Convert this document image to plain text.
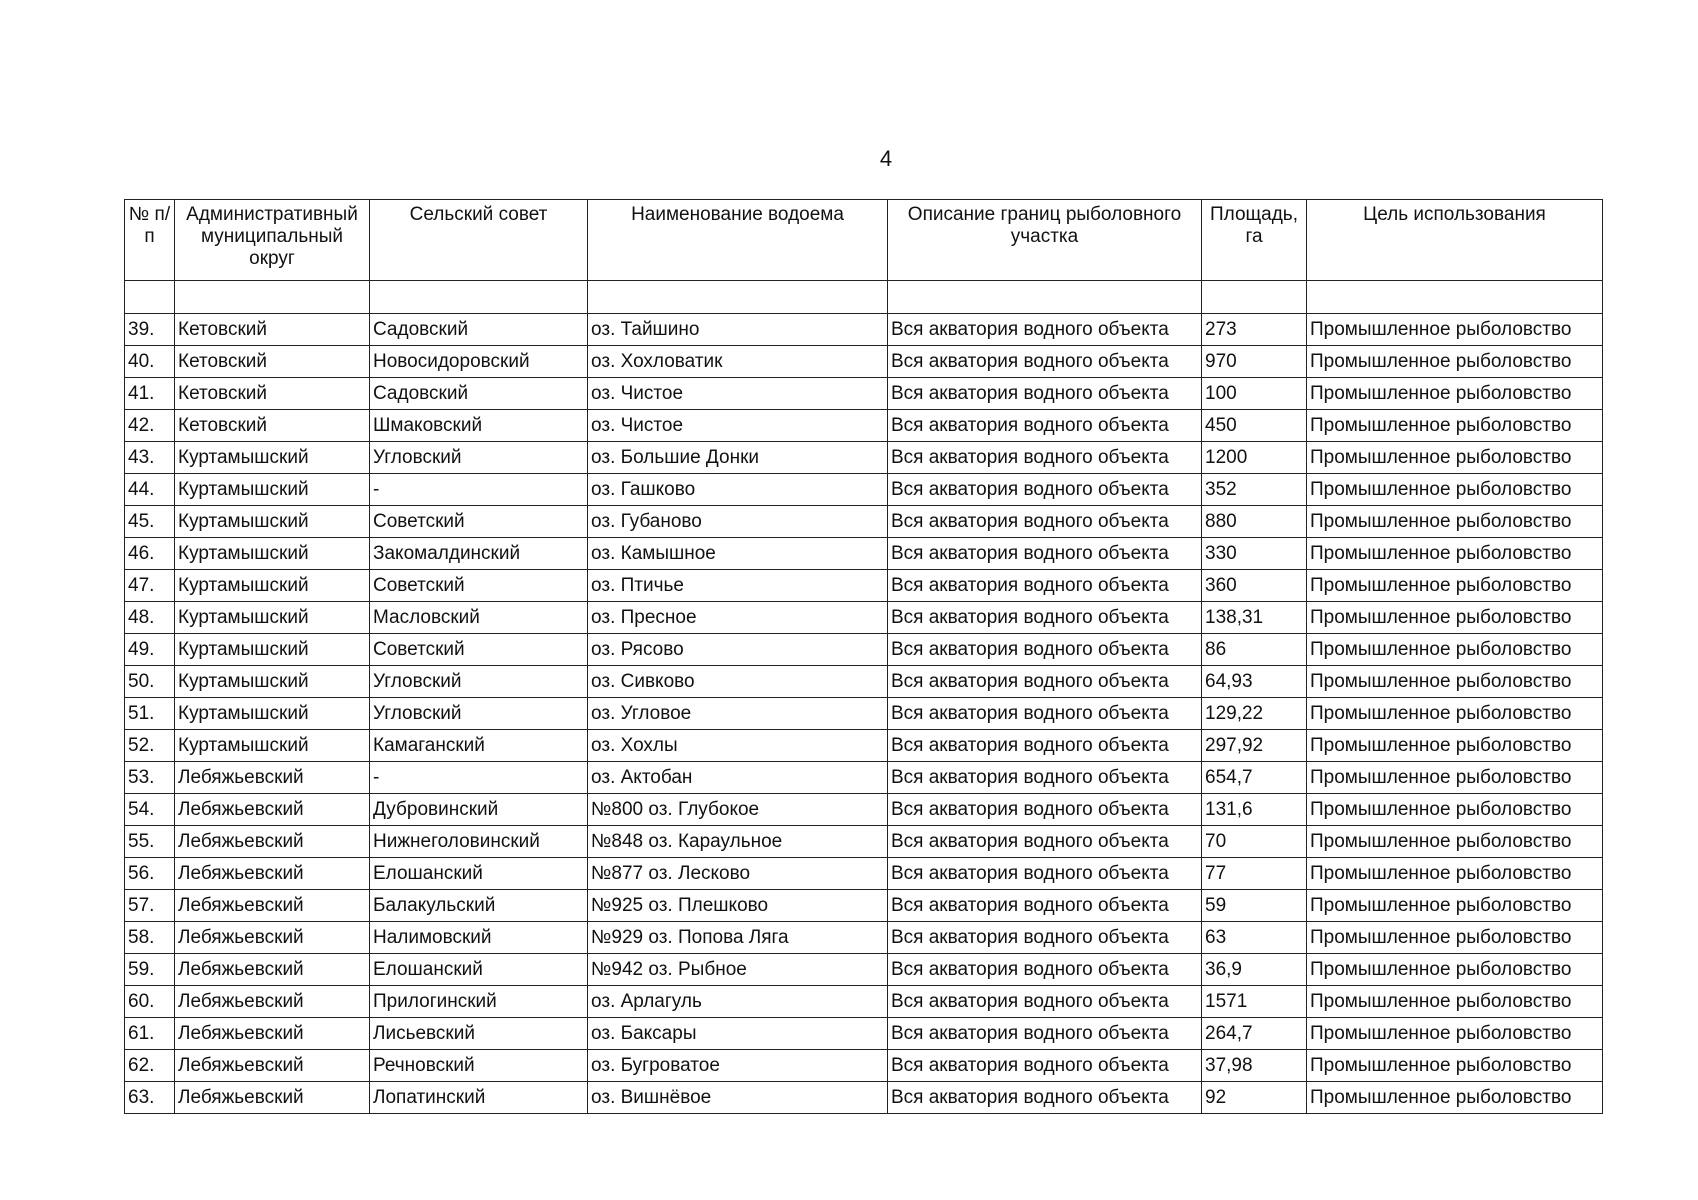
4
№ п/п	Административный муниципальный округ	Сельский совет	Наименование водоема	Описание границ рыболовного участка	Площадь, га	Цель использования

39.	Кетовский	Садовский	оз. Тайшино	Вся акватория водного объекта	273	Промышленное рыболовство
40.	Кетовский	Новосидоровский	оз. Хохловатик	Вся акватория водного объекта	970	Промышленное рыболовство
41.	Кетовский	Садовский	оз. Чистое	Вся акватория водного объекта	100	Промышленное рыболовство
42.	Кетовский	Шмаковский	оз. Чистое	Вся акватория водного объекта	450	Промышленное рыболовство
43.	Куртамышский	Угловский	оз. Большие Донки	Вся акватория водного объекта	1200	Промышленное рыболовство
44.	Куртамышский	-	оз. Гашково	Вся акватория водного объекта	352	Промышленное рыболовство
45.	Куртамышский	Советский	оз. Губаново	Вся акватория водного объекта	880	Промышленное рыболовство
46.	Куртамышский	Закомалдинский	оз. Камышное	Вся акватория водного объекта	330	Промышленное рыболовство
47.	Куртамышский	Советский	оз. Птичье	Вся акватория водного объекта	360	Промышленное рыболовство
48.	Куртамышский	Масловский	оз. Пресное	Вся акватория водного объекта	138,31	Промышленное рыболовство
49.	Куртамышский	Советский	оз. Рясово	Вся акватория водного объекта	86	Промышленное рыболовство
50.	Куртамышский	Угловский	оз. Сивково	Вся акватория водного объекта	64,93	Промышленное рыболовство
51.	Куртамышский	Угловский	оз. Угловое	Вся акватория водного объекта	129,22	Промышленное рыболовство
52.	Куртамышский	Камаганский	оз. Хохлы	Вся акватория водного объекта	297,92	Промышленное рыболовство
53.	Лебяжьевский	-	оз. Актобан	Вся акватория водного объекта	654,7	Промышленное рыболовство
54.	Лебяжьевский	Дубровинский	№800 оз. Глубокое	Вся акватория водного объекта	131,6	Промышленное рыболовство
55.	Лебяжьевский	Нижнеголовинский	№848 оз. Караульное	Вся акватория водного объекта	70	Промышленное рыболовство
56.	Лебяжьевский	Елошанский	№877 оз. Лесково	Вся акватория водного объекта	77	Промышленное рыболовство
57.	Лебяжьевский	Балакульский	№925 оз. Плешково	Вся акватория водного объекта	59	Промышленное рыболовство
58.	Лебяжьевский	Налимовский	№929 оз. Попова Ляга	Вся акватория водного объекта	63	Промышленное рыболовство
59.	Лебяжьевский	Елошанский	№942 оз. Рыбное	Вся акватория водного объекта	36,9	Промышленное рыболовство
60.	Лебяжьевский	Прилогинский	оз. Арлагуль	Вся акватория водного объекта	1571	Промышленное рыболовство
61.	Лебяжьевский	Лисьевский	оз. Баксары	Вся акватория водного объекта	264,7	Промышленное рыболовство
62.	Лебяжьевский	Речновский	оз. Бугроватое	Вся акватория водного объекта	37,98	Промышленное рыболовство
63.	Лебяжьевский	Лопатинский	оз. Вишнёвое	Вся акватория водного объекта	92	Промышленное рыболовство
